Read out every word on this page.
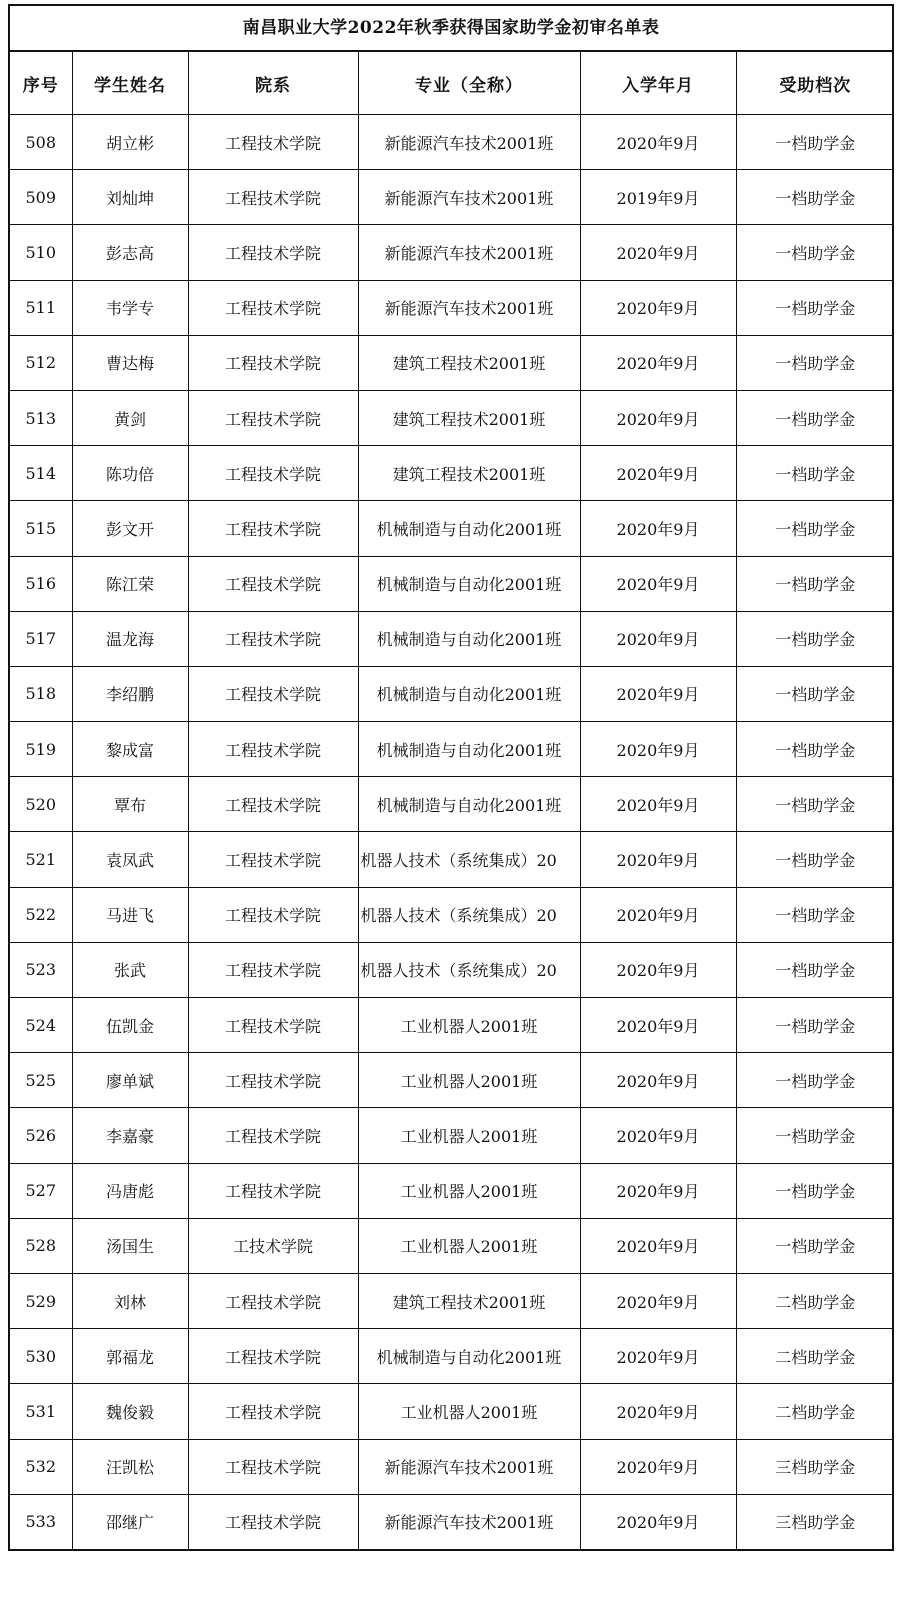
南昌职业大学2022年秋季获得国家助学金初审名单表
序号	学生姓名	院系	专业（全称）	入学年月	受助档次
508	胡立彬	工程技术学院	新能源汽车技术2001班	2020年9月	一档助学金
509	刘灿坤	工程技术学院	新能源汽车技术2001班	2019年9月	一档助学金
510	彭志高	工程技术学院	新能源汽车技术2001班	2020年9月	一档助学金
511	韦学专	工程技术学院	新能源汽车技术2001班	2020年9月	一档助学金
512	曹达梅	工程技术学院	建筑工程技术2001班	2020年9月	一档助学金
513	黄剑	工程技术学院	建筑工程技术2001班	2020年9月	一档助学金
514	陈功倍	工程技术学院	建筑工程技术2001班	2020年9月	一档助学金
515	彭文开	工程技术学院	机械制造与自动化2001班	2020年9月	一档助学金
516	陈江荣	工程技术学院	机械制造与自动化2001班	2020年9月	一档助学金
517	温龙海	工程技术学院	机械制造与自动化2001班	2020年9月	一档助学金
518	李绍鹏	工程技术学院	机械制造与自动化2001班	2020年9月	一档助学金
519	黎成富	工程技术学院	机械制造与自动化2001班	2020年9月	一档助学金
520	覃布	工程技术学院	机械制造与自动化2001班	2020年9月	一档助学金
521	袁凤武	工程技术学院	机器人技术（系统集成）20	2020年9月	一档助学金
522	马进飞	工程技术学院	机器人技术（系统集成）20	2020年9月	一档助学金
523	张武	工程技术学院	机器人技术（系统集成）20	2020年9月	一档助学金
524	伍凯金	工程技术学院	工业机器人2001班	2020年9月	一档助学金
525	廖单斌	工程技术学院	工业机器人2001班	2020年9月	一档助学金
526	李嘉豪	工程技术学院	工业机器人2001班	2020年9月	一档助学金
527	冯唐彪	工程技术学院	工业机器人2001班	2020年9月	一档助学金
528	汤国生	工技术学院	工业机器人2001班	2020年9月	一档助学金
529	刘林	工程技术学院	建筑工程技术2001班	2020年9月	二档助学金
530	郭福龙	工程技术学院	机械制造与自动化2001班	2020年9月	二档助学金
531	魏俊毅	工程技术学院	工业机器人2001班	2020年9月	二档助学金
532	汪凯松	工程技术学院	新能源汽车技术2001班	2020年9月	三档助学金
533	邵继广	工程技术学院	新能源汽车技术2001班	2020年9月	三档助学金
